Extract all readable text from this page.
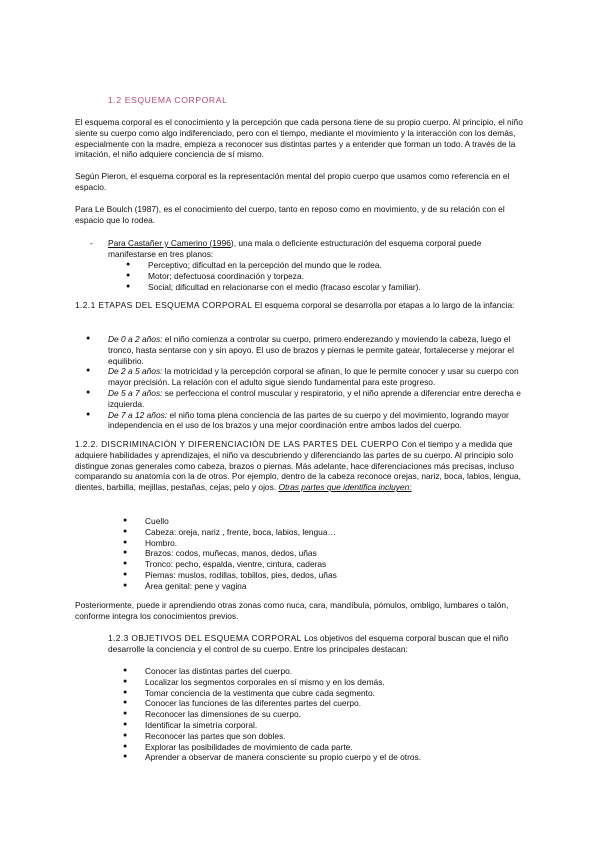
1.2 ESQUEMA CORPORAL

El esquema corporal es el conocimiento y la percepción que cada persona tiene de su propio cuerpo. Al principio, el niño siente su cuerpo como algo indiferenciado, pero con el tiempo, mediante el movimiento y la interacción con los demás, especialmente con la madre, empieza a reconocer sus distintas partes y a entender que forman un todo. A través de la imitación, el niño adquiere conciencia de sí mismo.

Según Pieron, el esquema corporal es la representación mental del propio cuerpo que usamos como referencia en el espacio.

Para Le Boulch (1987), es el conocimiento del cuerpo, tanto en reposo como en movimiento, y de su relación con el espacio que lo rodea.

- Para Castañer y Camerino (1996), una mala o deficiente estructuración del esquema corporal puede manifestarse en tres planos:
● Perceptivo; dificultad en la percepción del mundo que le rodea.
● Motor; defectuosa coordinación y torpeza.
● Social; dificultad en relacionarse con el medio (fracaso escolar y familiar).

1.2.1 ETAPAS DEL ESQUEMA CORPORAL El esquema corporal se desarrolla por etapas a lo largo de la infancia:

● De 0 a 2 años: el niño comienza a controlar su cuerpo, primero enderezando y moviendo la cabeza, luego el tronco, hasta sentarse con y sin apoyo. El uso de brazos y piernas le permite gatear, fortalecerse y mejorar el equilibrio.
● De 2 a 5 años: la motricidad y la percepción corporal se afinan, lo que le permite conocer y usar su cuerpo con mayor precisión. La relación con el adulto sigue siendo fundamental para este progreso.
● De 5 a 7 años: se perfecciona el control muscular y respiratorio, y el niño aprende a diferenciar entre derecha e izquierda.
● De 7 a 12 años: el niño toma plena conciencia de las partes de su cuerpo y del movimiento, logrando mayor independencia en el uso de los brazos y una mejor coordinación entre ambos lados del cuerpo.

1.2.2. DISCRIMINACIÓN Y DIFERENCIACIÓN DE LAS PARTES DEL CUERPO Con el tiempo y a medida que adquiere habilidades y aprendizajes, el niño va descubriendo y diferenciando las partes de su cuerpo. Al principio solo distingue zonas generales como cabeza, brazos o piernas. Más adelante, hace diferenciaciones más precisas, incluso comparando su anatomía con la de otros. Por ejemplo, dentro de la cabeza reconoce orejas, nariz, boca, labios, lengua, dientes, barbilla, mejillas, pestañas, cejas, pelo y ojos. Otras partes que identifica incluyen:

● Cuello
● Cabeza: oreja, nariz , frente, boca, labios, lengua…
● Hombro.
● Brazos: codos, muñecas, manos, dedos, uñas
● Tronco: pecho, espalda, vientre, cintura, caderas
● Piernas: muslos, rodillas, tobillos, pies, dedos, uñas
● Área genital: pene y vagina

Posteriormente, puede ir aprendiendo otras zonas como nuca, cara, mandíbula, pómulos, ombligo, lumbares o talón, conforme integra los conocimientos previos.

1.2.3 OBJETIVOS DEL ESQUEMA CORPORAL Los objetivos del esquema corporal buscan que el niño desarrolle la conciencia y el control de su cuerpo. Entre los principales destacan:

● Conocer las distintas partes del cuerpo.
● Localizar los segmentos corporales en sí mismo y en los demás.
● Tomar conciencia de la vestimenta que cubre cada segmento.
● Conocer las funciones de las diferentes partes del cuerpo.
● Reconocer las dimensiones de su cuerpo.
● Identificar la simetría corporal.
● Reconocer las partes que son dobles.
● Explorar las posibilidades de movimiento de cada parte.
● Aprender a observar de manera consciente su propio cuerpo y el de otros.
